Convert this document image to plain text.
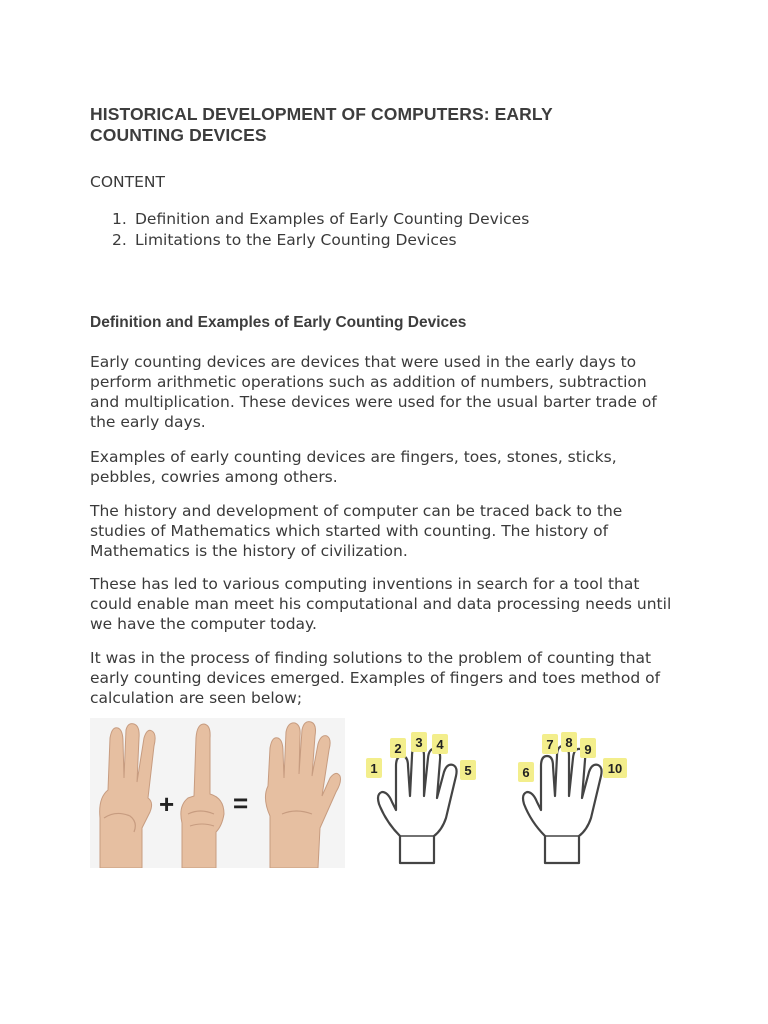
HISTORICAL DEVELOPMENT OF COMPUTERS: EARLY COUNTING DEVICES
CONTENT
1. Definition and Examples of Early Counting Devices
2. Limitations to the Early Counting Devices
Definition and Examples of Early Counting Devices

Early counting devices are devices that were used in the early days to perform arithmetic operations such as addition of numbers, subtraction and multiplication. These devices were used for the usual barter trade of the early days.

Examples of early counting devices are fingers, toes, stones, sticks, pebbles, cowries among others.

The history and development of computer can be traced back to the studies of Mathematics which started with counting. The history of Mathematics is the history of civilization.

These has led to various computing inventions in search for a tool that could enable man meet his computational and data processing needs until we have the computer today.

It was in the process of finding solutions to the problem of counting that early counting devices emerged. Examples of fingers and toes method of calculation are seen below;

+ =
1
2 3 4
5	6
7 8 9
10
